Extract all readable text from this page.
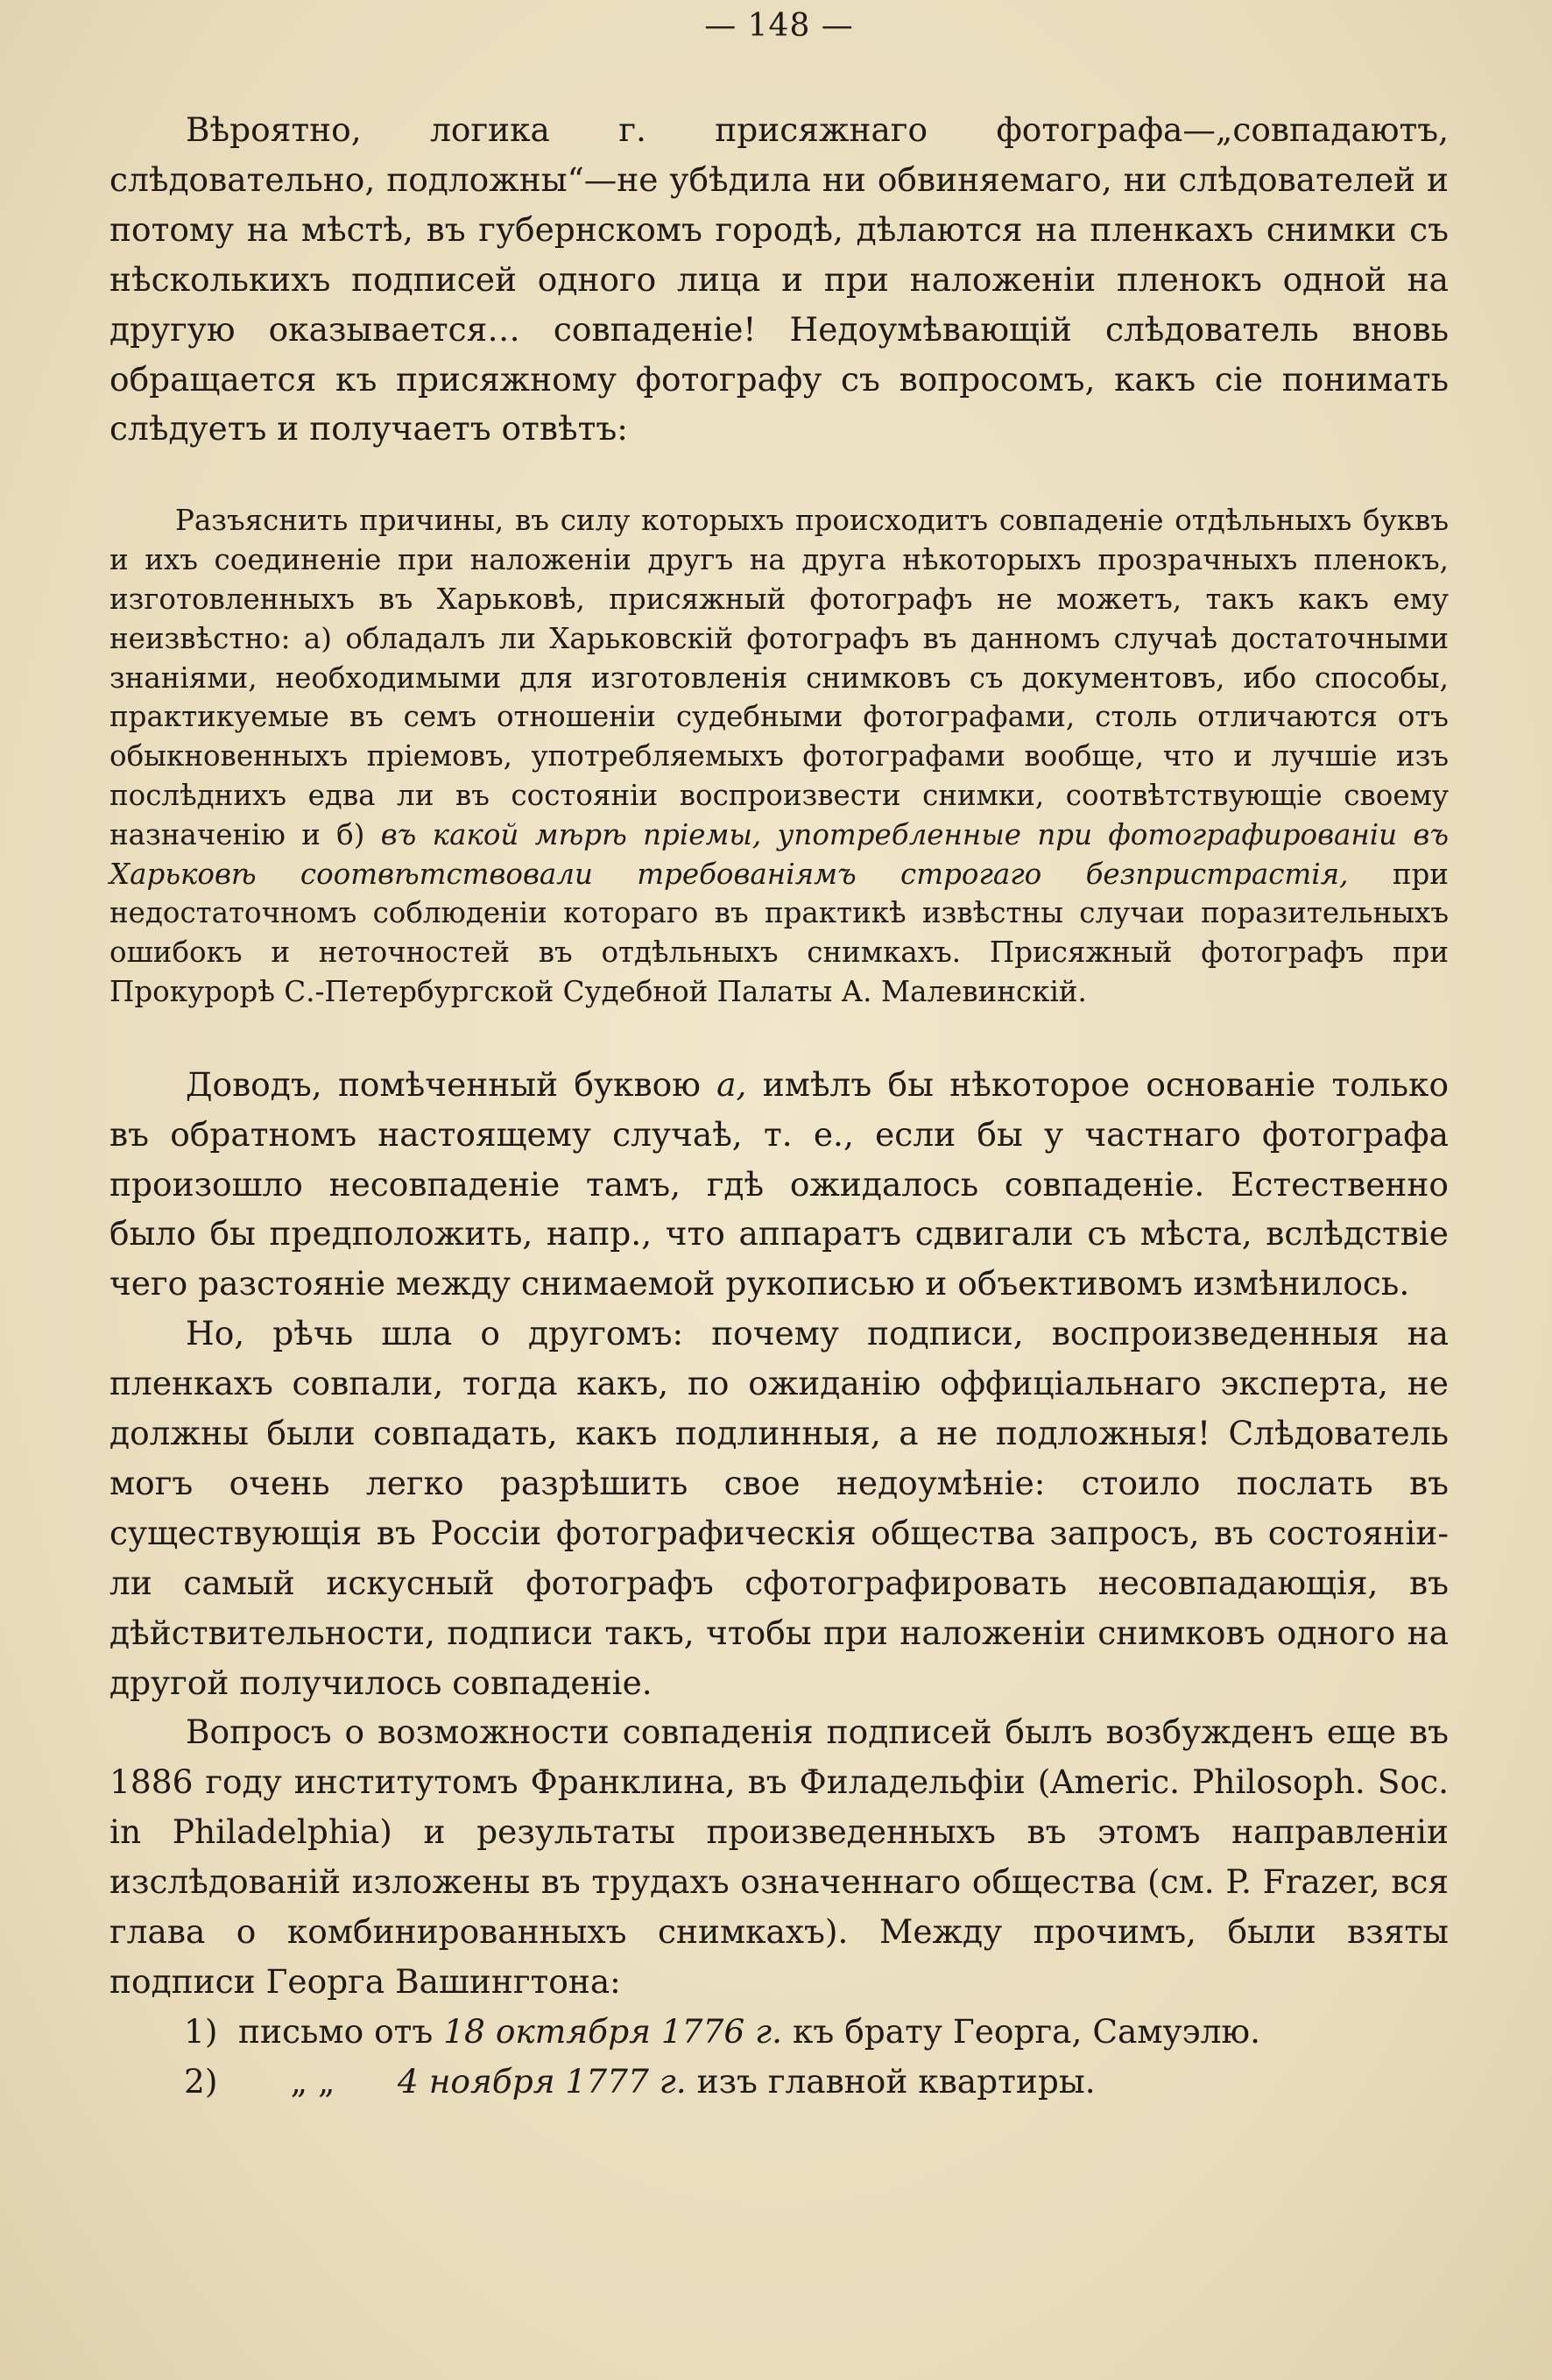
— 148 —

Вѣроятно, логика г. присяжнаго фотографа—„совпадаютъ, слѣдовательно, подложны“—не убѣдила ни обвиняемаго, ни слѣдователей и потому на мѣстѣ, въ губернскомъ городѣ, дѣлаются на пленкахъ снимки съ нѣсколькихъ подписей одного лица и при наложеніи пленокъ одной на другую оказывается… совпаденіе! Недоумѣвающій слѣдователь вновь обращается къ присяжному фотографу съ вопросомъ, какъ сіе понимать слѣдуетъ и получаетъ отвѣтъ:

Разъяснить причины, въ силу которыхъ происходитъ совпаденіе отдѣльныхъ буквъ и ихъ соединеніе при наложеніи другъ на друга нѣкоторыхъ прозрачныхъ пленокъ, изготовленныхъ въ Харьковѣ, присяжный фотографъ не можетъ, такъ какъ ему неизвѣстно: а) обладалъ ли Харьковскій фотографъ въ данномъ случаѣ достаточными знаніями, необходимыми для изготовленія снимковъ съ документовъ, ибо способы, практикуемые въ семъ отношеніи судебными фотографами, столь отличаются отъ обыкновенныхъ пріемовъ, употребляемыхъ фотографами вообще, что и лучшіе изъ послѣднихъ едва ли въ состояніи воспроизвести снимки, соотвѣтствующіе своему назначенію и б) въ какой мѣрѣ пріемы, употребленные при фотографированіи въ Харьковѣ соотвѣтствовали требованіямъ строгаго безпристрастія, при недостаточномъ соблюденіи котораго въ практикѣ извѣстны случаи поразительныхъ ошибокъ и неточностей въ отдѣльныхъ снимкахъ. Присяжный фотографъ при Прокурорѣ С.-Петербургской Судебной Палаты А. Малевинскій.

Доводъ, помѣченный буквою а, имѣлъ бы нѣкоторое основаніе только въ обратномъ настоящему случаѣ, т. е., если бы у частнаго фотографа произошло несовпаденіе тамъ, гдѣ ожидалось совпаденіе. Естественно было бы предположить, напр., что аппаратъ сдвигали съ мѣста, вслѣдствіе чего разстояніе между снимаемой рукописью и объективомъ измѣнилось.

Но, рѣчь шла о другомъ: почему подписи, воспроизведенныя на пленкахъ совпали, тогда какъ, по ожиданію оффиціальнаго эксперта, не должны были совпадать, какъ подлинныя, а не подложныя! Слѣдователь могъ очень легко разрѣшить свое недоумѣніе: стоило послать въ существующія въ Россіи фотографическія общества запросъ, въ состояніи-ли самый искусный фотографъ сфотографировать несовпадающія, въ дѣйствительности, подписи такъ, чтобы при наложеніи снимковъ одного на другой получилось совпаденіе.

Вопросъ о возможности совпаденія подписей былъ возбужденъ еще въ 1886 году институтомъ Франклина, въ Филадельфіи (Americ. Philosoph. Soc. in Philadelphia) и результаты произведенныхъ въ этомъ направленіи изслѣдованій изложены въ трудахъ означеннаго общества (см. P. Frazer, вся глава о комбинированныхъ снимкахъ). Между прочимъ, были взяты подписи Георга Вашингтона:

1) письмо отъ 18 октября 1776 г. къ брату Георга, Самуэлю.
2) „ „ 4 ноября 1777 г. изъ главной квартиры.
